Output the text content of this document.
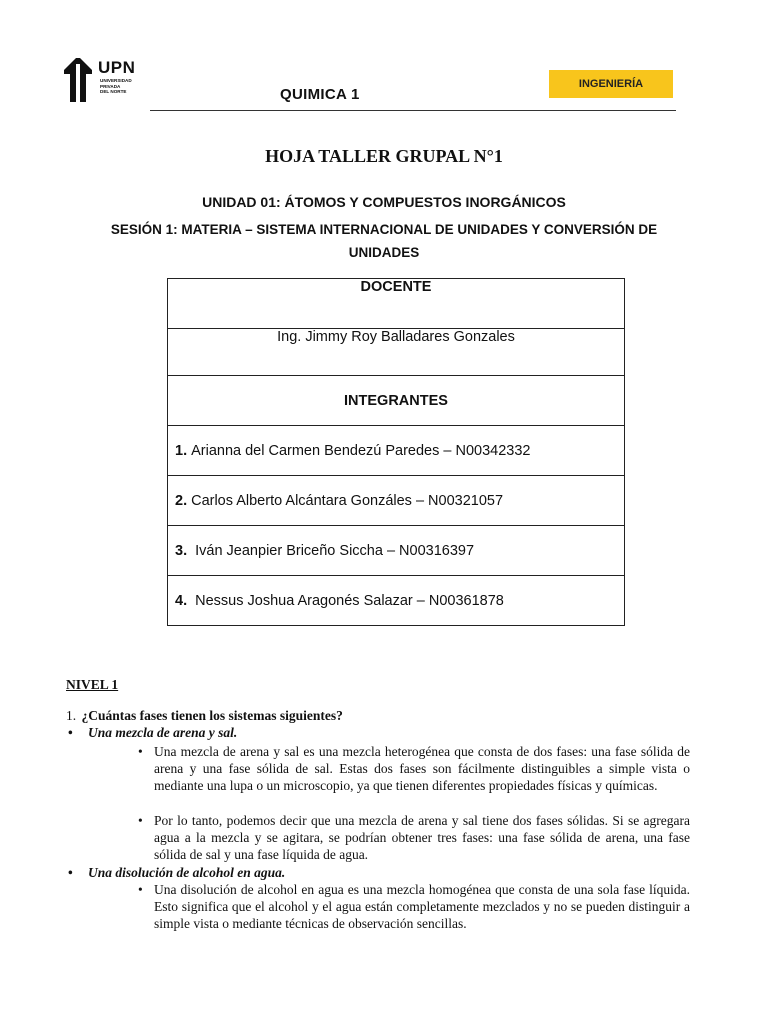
UPN
UNIVERSIDAD
PRIVADA
DEL NORTE	QUIMICA 1
INGENIERÍA
HOJA TALLER GRUPAL N°1
UNIDAD 01: ÁTOMOS Y COMPUESTOS INORGÁNICOS
SESIÓN 1: MATERIA – SISTEMA INTERNACIONAL DE UNIDADES Y CONVERSIÓN DE UNIDADES
DOCENTE
Ing. Jimmy Roy Balladares Gonzales
INTEGRANTES
1. Arianna del Carmen Bendezú Paredes – N00342332
2. Carlos Alberto Alcántara Gonzáles – N00321057
3. Iván Jeanpier Briceño Siccha – N00316397
4. Nessus Joshua Aragonés Salazar – N00361878
NIVEL 1
1. ¿Cuántas fases tienen los sistemas siguientes?
• Una mezcla de arena y sal.
• Una mezcla de arena y sal es una mezcla heterogénea que consta de dos fases: una fase sólida de arena y una fase sólida de sal. Estas dos fases son fácilmente distinguibles a simple vista o mediante una lupa o un microscopio, ya que tienen diferentes propiedades físicas y químicas.
• Por lo tanto, podemos decir que una mezcla de arena y sal tiene dos fases sólidas. Si se agregara agua a la mezcla y se agitara, se podrían obtener tres fases: una fase sólida de arena, una fase sólida de sal y una fase líquida de agua.
• Una disolución de alcohol en agua.
• Una disolución de alcohol en agua es una mezcla homogénea que consta de una sola fase líquida. Esto significa que el alcohol y el agua están completamente mezclados y no se pueden distinguir a simple vista o mediante técnicas de observación sencillas.
